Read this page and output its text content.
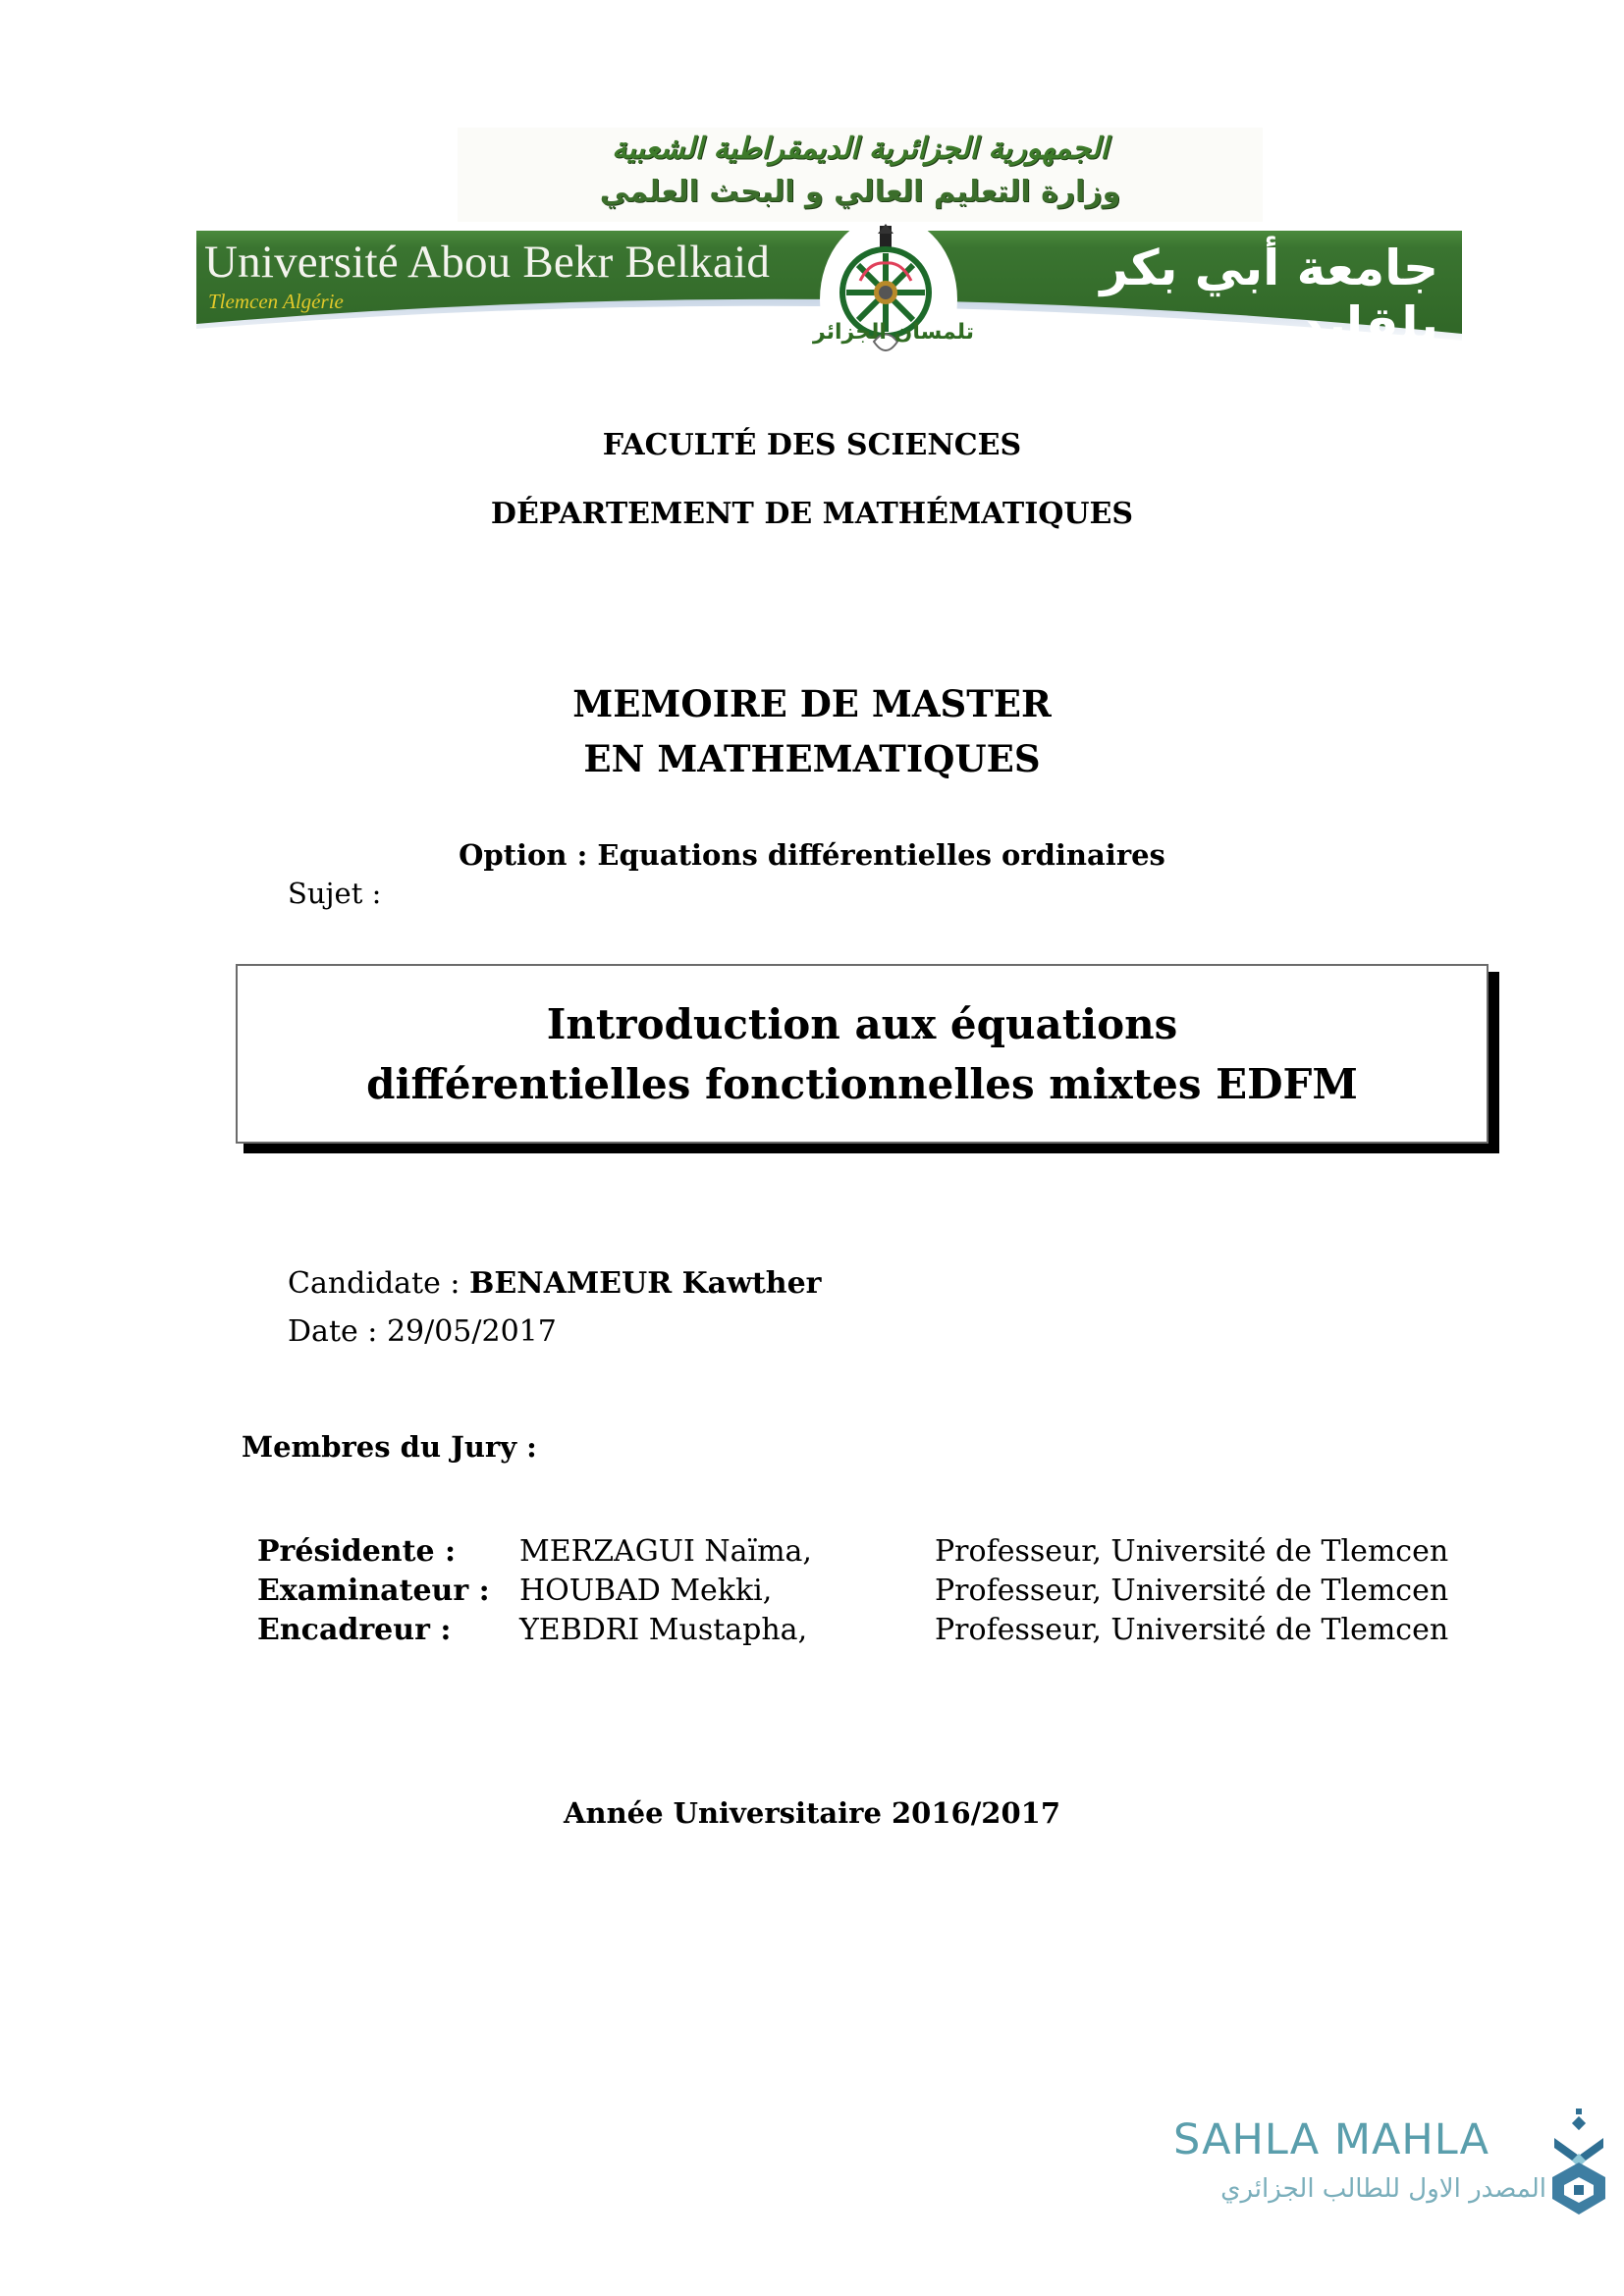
الجمهورية الجزائرية الديمقراطية الشعبية
وزارة التعليم العالي و البحث العلمي
Université Abou Bekr Belkaid
Tlemcen Algérie
جامعة أبي بكر بلقايد
تلمسان الجزائر
FACULTÉ DES SCIENCES
DÉPARTEMENT DE MATHÉMATIQUES
MEMOIRE DE MASTER
EN MATHEMATIQUES
Option : Equations différentielles ordinaires
Sujet :
Introduction aux équations
différentielles fonctionnelles mixtes EDFM
Candidate : BENAMEUR Kawther
Date : 29/05/2017
Membres du Jury :
Présidente : MERZAGUI Naïma,	Professeur, Université de Tlemcen
Examinateur : HOUBAD Mekki,	Professeur, Université de Tlemcen
Encadreur : YEBDRI Mustapha,	Professeur, Université de Tlemcen
Année Universitaire 2016/2017
SAHLA MAHLA
المصدر الاول للطالب الجزائري
